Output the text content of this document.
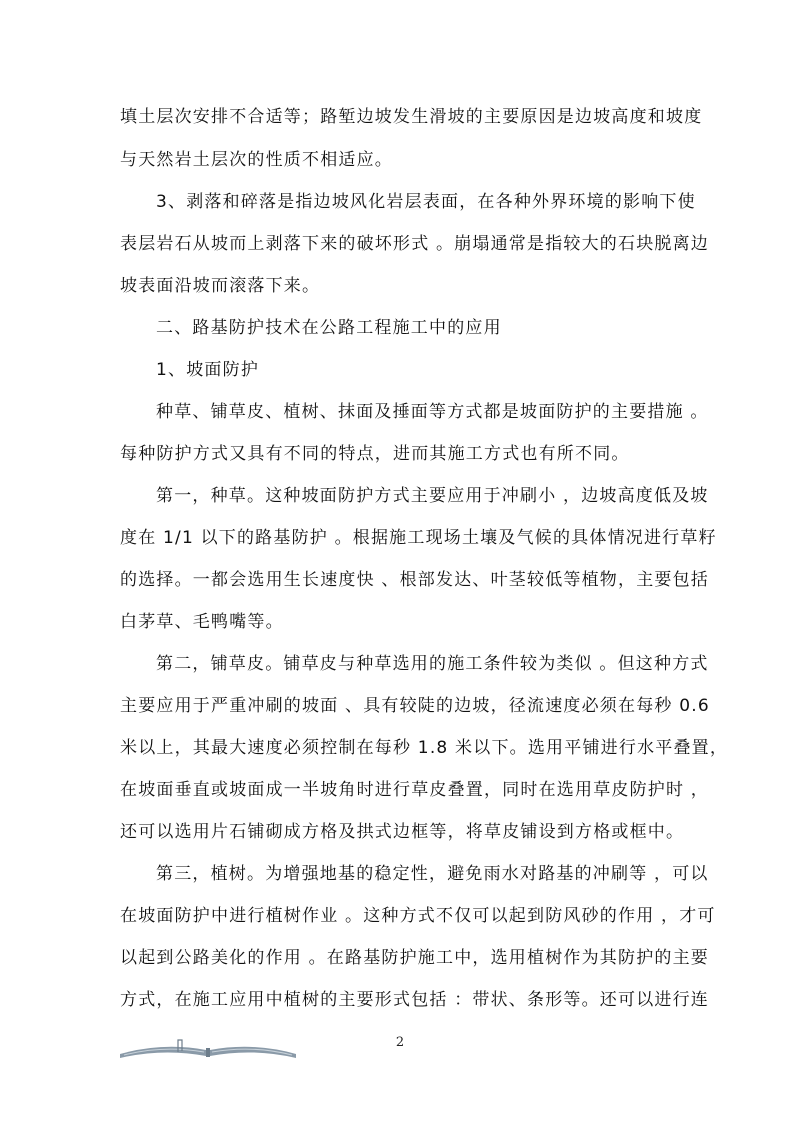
填土层次安排不合适等；路堑边坡发生滑坡的主要原因是边坡高度和坡度
与天然岩土层次的性质不相适应。
3、剥落和碎落是指边坡风化岩层表面，在各种外界环境的影响下使
表层岩石从坡而上剥落下来的破坏形式 。崩塌通常是指较大的石块脱离边
坡表面沿坡而滚落下来。
二、路基防护技术在公路工程施工中的应用
1、坡面防护
种草、铺草皮、植树、抹面及捶面等方式都是坡面防护的主要措施 。
每种防护方式又具有不同的特点，进而其施工方式也有所不同。
第一，种草。这种坡面防护方式主要应用于冲刷小 ，边坡高度低及坡
度在 1/1 以下的路基防护 。根据施工现场土壤及气候的具体情况进行草籽
的选择。一都会选用生长速度快 、根部发达、叶茎较低等植物，主要包括
白茅草、毛鸭嘴等。
第二，铺草皮。铺草皮与种草选用的施工条件较为类似 。但这种方式
主要应用于严重冲刷的坡面 、具有较陡的边坡，径流速度必须在每秒 0.6
米以上，其最大速度必须控制在每秒 1.8 米以下。选用平铺进行水平叠置，
在坡面垂直或坡面成一半坡角时进行草皮叠置，同时在选用草皮防护时 ，
还可以选用片石铺砌成方格及拱式边框等，将草皮铺设到方格或框中。
第三，植树。为增强地基的稳定性，避免雨水对路基的冲刷等 ，可以
在坡面防护中进行植树作业 。这种方式不仅可以起到防风砂的作用 ，才可
以起到公路美化的作用 。在路基防护施工中，选用植树作为其防护的主要
方式，在施工应用中植树的主要形式包括 ：带状、条形等。还可以进行连
2
